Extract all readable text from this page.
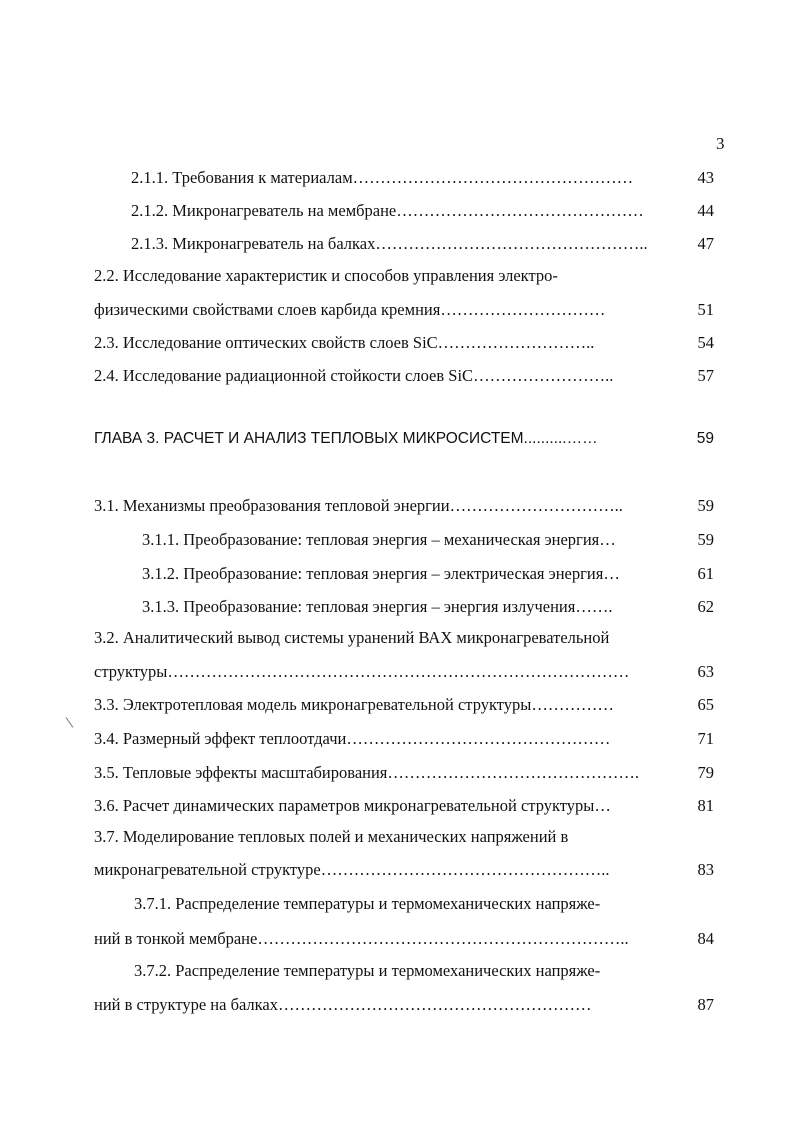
3
2.1.1. Требования к материалам……………………………………………	43
2.1.2. Микронагреватель на мембране………………………………………	44
2.1.3. Микронагреватель на балках…………………………………………..	47
2.2. Исследование характеристик и способов управления электро-
физическими свойствами слоев карбида кремния…………………………	51
2.3. Исследование оптических свойств слоев SiC………………………..	54
2.4. Исследование радиационной стойкости слоев SiC……………………..	57
ГЛАВА 3. РАСЧЕТ И АНАЛИЗ ТЕПЛОВЫХ МИКРОСИСТЕМ..........……	59
3.1. Механизмы преобразования тепловой энергии…………………………..	59
3.1.1. Преобразование: тепловая энергия – механическая энергия…	59
3.1.2. Преобразование: тепловая энергия – электрическая энергия…	61
3.1.3. Преобразование: тепловая энергия – энергия излучения…….	62
3.2. Аналитический вывод системы уранений ВАХ микронагревательной
структуры…………………………………………………………………………	63
3.3. Электротепловая модель микронагревательной структуры……………	65
3.4. Размерный эффект теплоотдачи…………………………………………	71
3.5. Тепловые эффекты масштабирования……………………………………….	79
3.6. Расчет динамических параметров микронагревательной структуры…	81
3.7. Моделирование тепловых полей и механических напряжений в
микронагревательной структуре……………………………………………..	83
3.7.1. Распределение температуры и термомеханических напряже-
ний в тонкой мембране…………………………………………………………..	84
3.7.2. Распределение температуры и термомеханических напряже-
ний в структуре на балках…………………………………………………	87
